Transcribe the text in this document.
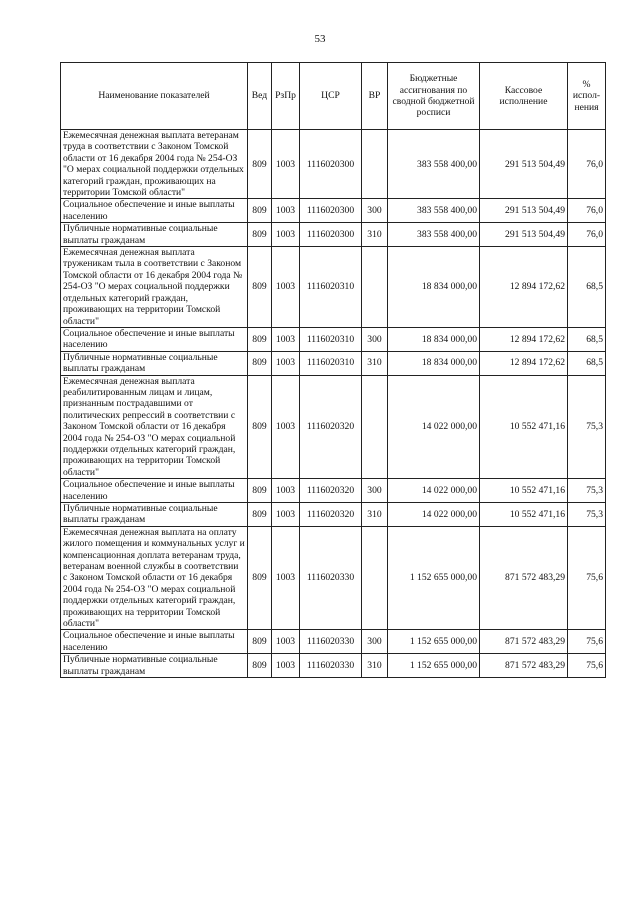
53
Наименование показателей	Вед	РзПр	ЦСР	ВР	Бюджетные ассигнования по сводной бюджетной росписи	Кассовое исполнение	% испол-нения
Ежемесячная денежная выплата ветеранам труда в соответствии с Законом Томской области от 16 декабря 2004 года № 254-ОЗ "О мерах социальной поддержки отдельных категорий граждан, проживающих на территории Томской области"	809	1003	1116020300		383 558 400,00	291 513 504,49	76,0
Социальное обеспечение и иные выплаты населению	809	1003	1116020300	300	383 558 400,00	291 513 504,49	76,0
Публичные нормативные социальные выплаты гражданам	809	1003	1116020300	310	383 558 400,00	291 513 504,49	76,0
Ежемесячная денежная выплата труженикам тыла в соответствии с Законом Томской области от 16 декабря 2004 года № 254-ОЗ "О мерах социальной поддержки отдельных категорий граждан, проживающих на территории Томской области"	809	1003	1116020310		18 834 000,00	12 894 172,62	68,5
Социальное обеспечение и иные выплаты населению	809	1003	1116020310	300	18 834 000,00	12 894 172,62	68,5
Публичные нормативные социальные выплаты гражданам	809	1003	1116020310	310	18 834 000,00	12 894 172,62	68,5
Ежемесячная денежная выплата реабилитированным лицам и лицам, признанным пострадавшими от политических репрессий в соответствии с Законом Томской области от 16 декабря 2004 года № 254-ОЗ "О мерах социальной поддержки отдельных категорий граждан, проживающих на территории Томской области"	809	1003	1116020320		14 022 000,00	10 552 471,16	75,3
Социальное обеспечение и иные выплаты населению	809	1003	1116020320	300	14 022 000,00	10 552 471,16	75,3
Публичные нормативные социальные выплаты гражданам	809	1003	1116020320	310	14 022 000,00	10 552 471,16	75,3
Ежемесячная денежная выплата на оплату жилого помещения и коммунальных услуг и компенсационная доплата ветеранам труда, ветеранам военной службы в соответствии с Законом Томской области от 16 декабря 2004 года № 254-ОЗ "О мерах социальной поддержки отдельных категорий граждан, проживающих на территории Томской области"	809	1003	1116020330		1 152 655 000,00	871 572 483,29	75,6
Социальное обеспечение и иные выплаты населению	809	1003	1116020330	300	1 152 655 000,00	871 572 483,29	75,6
Публичные нормативные социальные выплаты гражданам	809	1003	1116020330	310	1 152 655 000,00	871 572 483,29	75,6
